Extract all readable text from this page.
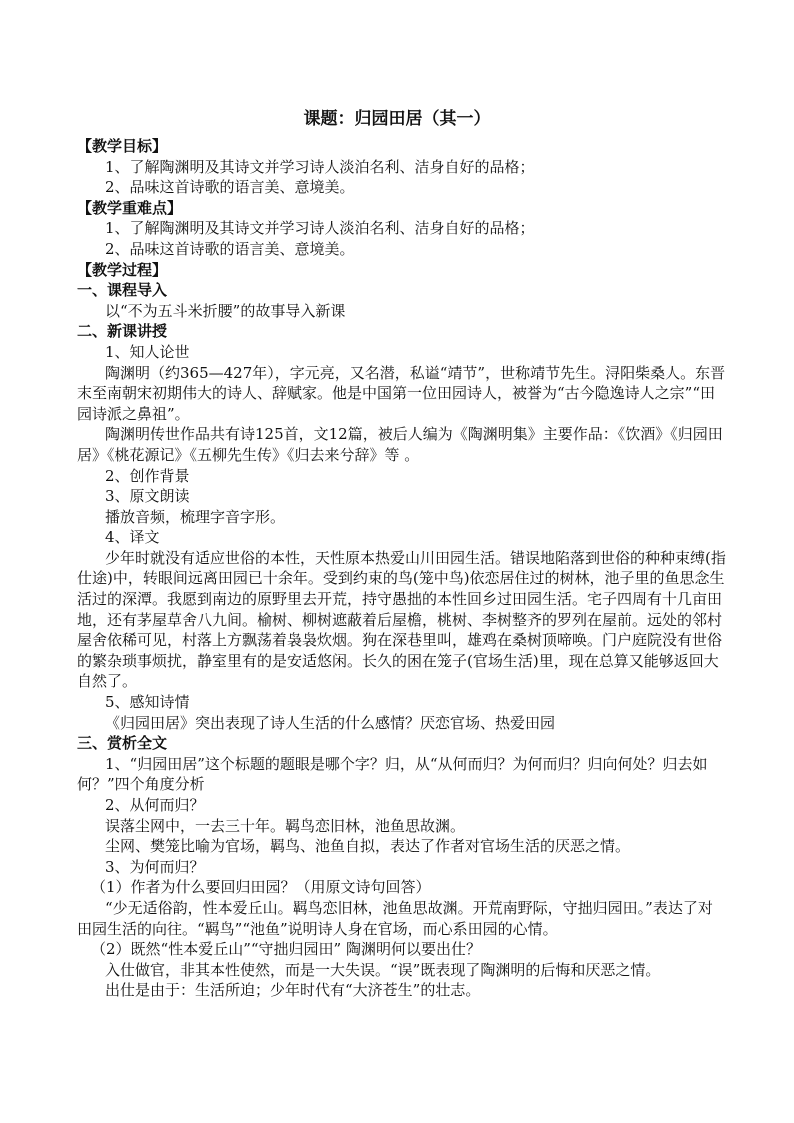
课题：归园田居（其一）
【教学目标】
1、了解陶渊明及其诗文并学习诗人淡泊名利、洁身自好的品格；
2、品味这首诗歌的语言美、意境美。
【教学重难点】
1、了解陶渊明及其诗文并学习诗人淡泊名利、洁身自好的品格；
2、品味这首诗歌的语言美、意境美。
【教学过程】
一、课程导入
以“不为五斗米折腰”的故事导入新课
二、新课讲授
1、知人论世
陶渊明（约365—427年），字元亮，又名潜，私谥“靖节”，世称靖节先生。浔阳柴桑人。东晋末至南朝宋初期伟大的诗人、辞赋家。他是中国第一位田园诗人，被誉为“古今隐逸诗人之宗”“田园诗派之鼻祖”。
陶渊明传世作品共有诗125首，文12篇，被后人编为《陶渊明集》主要作品：《饮酒》《归园田居》《桃花源记》《五柳先生传》《归去来兮辞》等 。
2、创作背景
3、原文朗读
播放音频，梳理字音字形。
4、译文
少年时就没有适应世俗的本性，天性原本热爱山川田园生活。错误地陷落到世俗的种种束缚(指仕途)中，转眼间远离田园已十余年。受到约束的鸟(笼中鸟)依恋居住过的树林，池子里的鱼思念生活过的深潭。我愿到南边的原野里去开荒，持守愚拙的本性回乡过田园生活。宅子四周有十几亩田地，还有茅屋草舍八九间。榆树、柳树遮蔽着后屋檐，桃树、李树整齐的罗列在屋前。远处的邻村屋舍依稀可见，村落上方飘荡着袅袅炊烟。狗在深巷里叫，雄鸡在桑树顶啼唤。门户庭院没有世俗的繁杂琐事烦扰，静室里有的是安适悠闲。长久的困在笼子(官场生活)里，现在总算又能够返回大自然了。
5、感知诗情
《归园田居》突出表现了诗人生活的什么感情？厌恋官场、热爱田园
三、赏析全文
1、“归园田居”这个标题的题眼是哪个字？归，从“从何而归？为何而归？归向何处？归去如何？”四个角度分析
2、从何而归？
误落尘网中，一去三十年。羁鸟恋旧林，池鱼思故渊。
尘网、樊笼比喻为官场，羁鸟、池鱼自拟，表达了作者对官场生活的厌恶之情。
3、为何而归？
（1）作者为什么要回归田园？（用原文诗句回答）
“少无适俗韵，性本爱丘山。羁鸟恋旧林，池鱼思故渊。开荒南野际，守拙归园田。”表达了对田园生活的向往。“羁鸟”“池鱼”说明诗人身在官场，而心系田园的心情。
（2）既然“性本爱丘山”“守拙归园田” 陶渊明何以要出仕？
入仕做官，非其本性使然，而是一大失误。“误”既表现了陶渊明的后悔和厌恶之情。
出仕是由于：生活所迫；少年时代有“大济苍生”的壮志。
